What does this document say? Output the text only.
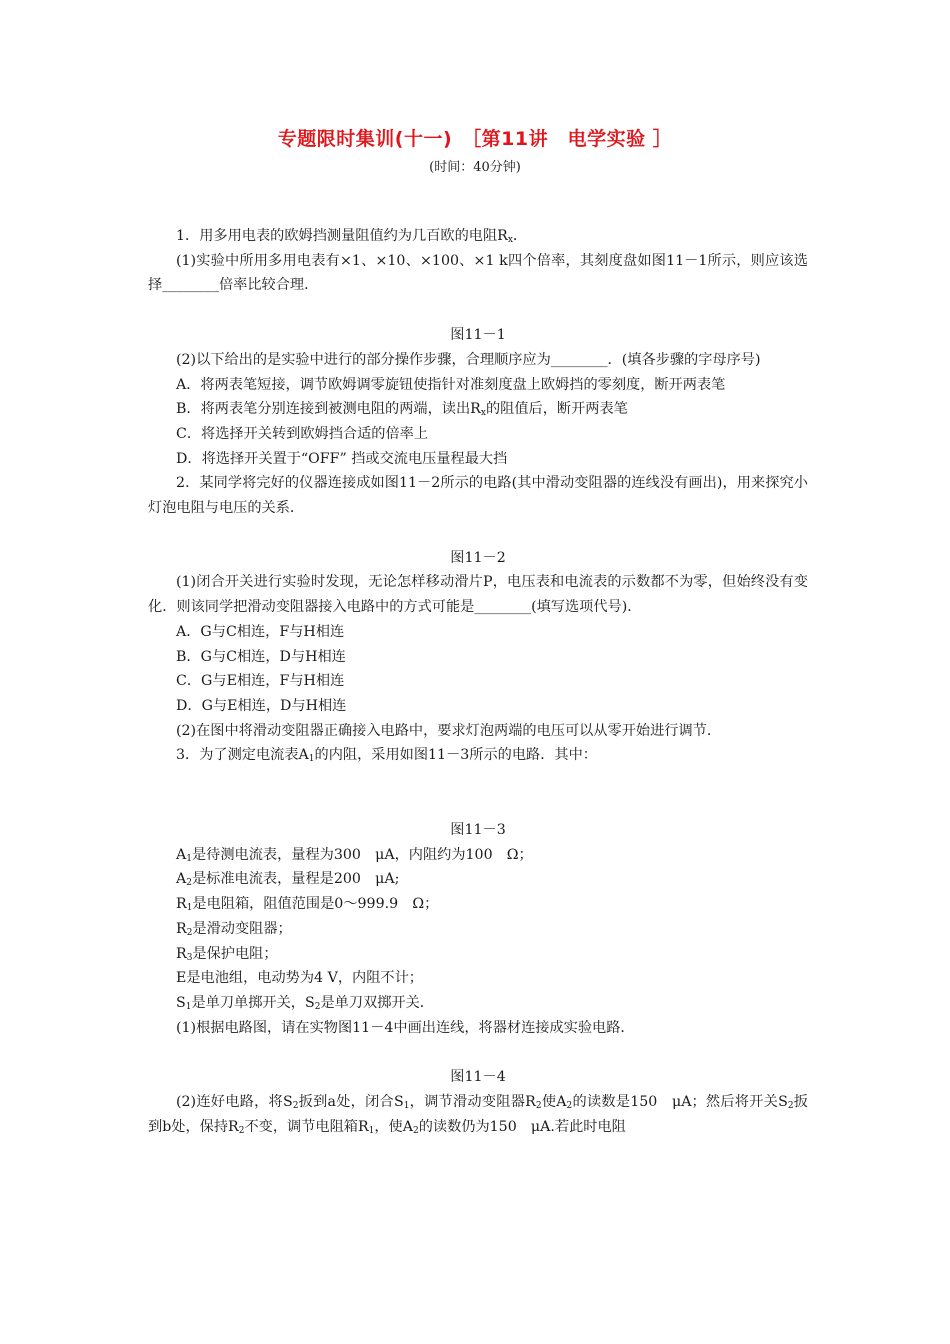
专题限时集训(十一)　［第11讲　电学实验 ］
(时间：40分钟)

1．用多用电表的欧姆挡测量阻值约为几百欧的电阻$R_x$．

(1)实验中所用多用电表有×1、×10、×100、×1 k四个倍率，其刻度盘如图11－1所示，则应该选择________倍率比较合理．

图11－1

(2)以下给出的是实验中进行的部分操作步骤，合理顺序应为________．(填各步骤的字母序号)

A．将两表笔短接，调节欧姆调零旋钮使指针对准刻度盘上欧姆挡的零刻度，断开两表笔

B．将两表笔分别连接到被测电阻的两端，读出$R_x$的阻值后，断开两表笔

C．将选择开关转到欧姆挡合适的倍率上

D．将选择开关置于“OFF” 挡或交流电压量程最大挡

2．某同学将完好的仪器连接成如图11－2所示的电路(其中滑动变阻器的连线没有画出)，用来探究小灯泡电阻与电压的关系．

图11－2

(1)闭合开关进行实验时发现，无论怎样移动滑片P，电压表和电流表的示数都不为零，但始终没有变化．则该同学把滑动变阻器接入电路中的方式可能是________(填写选项代号)．

A．G与C相连，F与H相连

B．G与C相连，D与H相连

C．G与E相连，F与H相连

D．G与E相连，D与H相连

(2)在图中将滑动变阻器正确接入电路中，要求灯泡两端的电压可以从零开始进行调节．

3．为了测定电流表$A_1$的内阻，采用如图11－3所示的电路．其中：

图11－3

$A_1$是待测电流表，量程为300　μA，内阻约为100　Ω；

$A_2$是标准电流表，量程是200　μA;

$R_1$是电阻箱，阻值范围是0～999.9　Ω；

$R_2$是滑动变阻器；

$R_3$是保护电阻；

E是电池组，电动势为4 V，内阻不计；

$S_1$是单刀单掷开关，$S_2$是单刀双掷开关．

(1)根据电路图，请在实物图11－4中画出连线，将器材连接成实验电路．

图11－4

(2)连好电路，将$S_2$扳到a处，闭合$S_1$，调节滑动变阻器$R_2$使$A_2$的读数是150　μA；然后将开关$S_2$扳到b处，保持$R_2$不变，调节电阻箱$R_1$，使$A_2$的读数仍为150　μA.若此时电阻
